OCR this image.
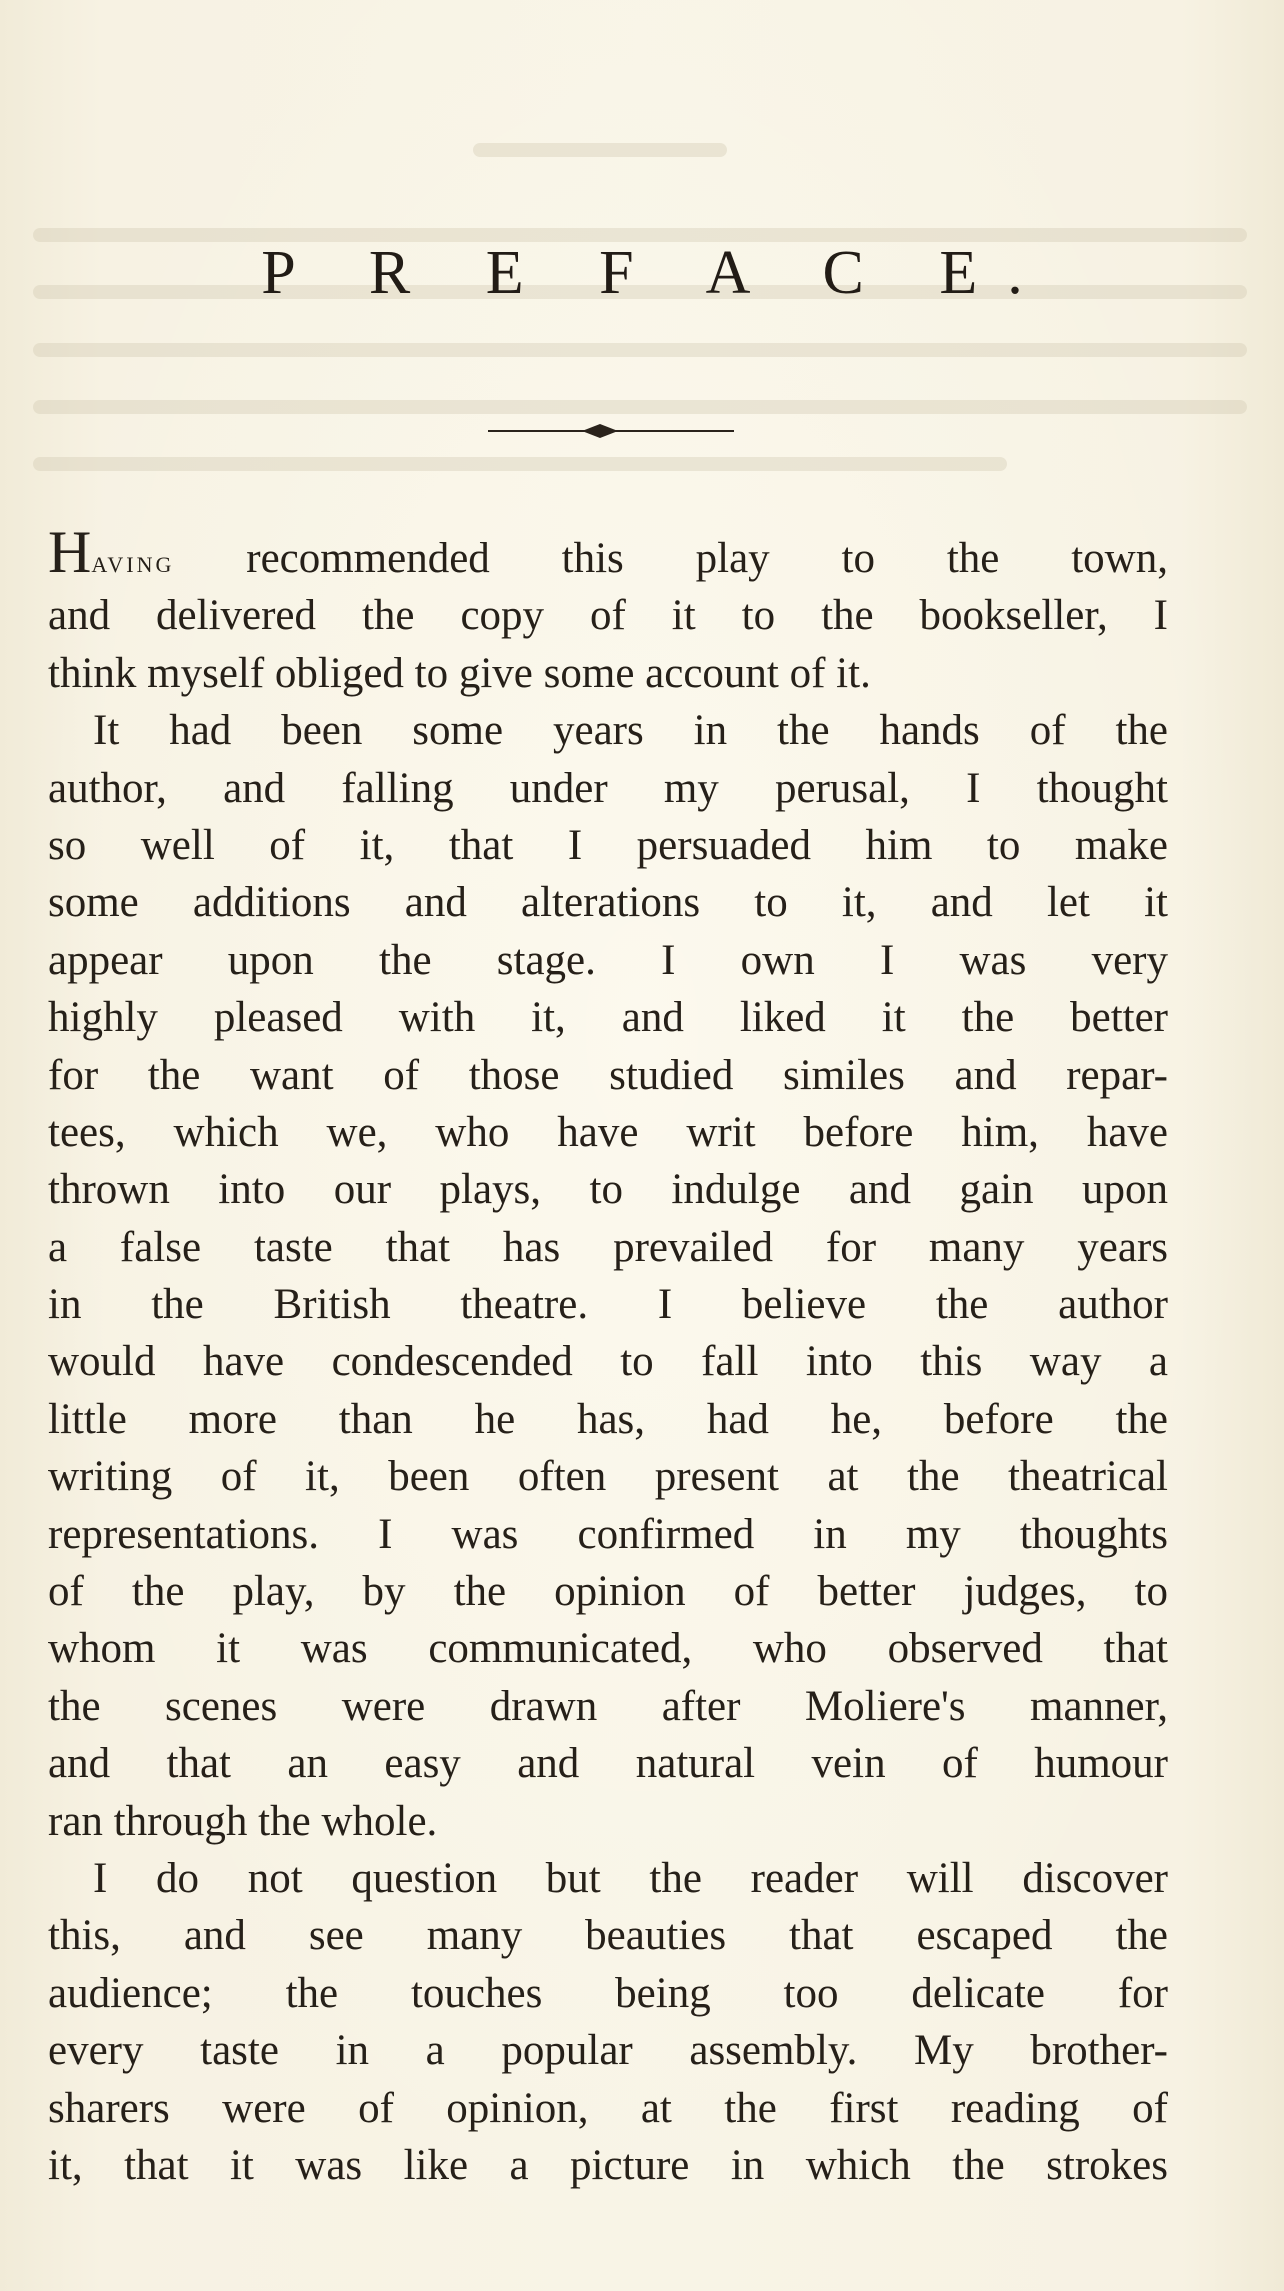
P R E F A C E.
Having recommended this play to the town,
and delivered the copy of it to the bookseller, I
think myself obliged to give some account of it.
It had been some years in the hands of the
author, and falling under my perusal, I thought
so well of it, that I persuaded him to make
some additions and alterations to it, and let it
appear upon the stage. I own I was very
highly pleased with it, and liked it the better
for the want of those studied similes and repar-
tees, which we, who have writ before him, have
thrown into our plays, to indulge and gain upon
a false taste that has prevailed for many years
in the British theatre. I believe the author
would have condescended to fall into this way a
little more than he has, had he, before the
writing of it, been often present at the theatrical
representations. I was confirmed in my thoughts
of the play, by the opinion of better judges, to
whom it was communicated, who observed that
the scenes were drawn after Moliere's manner,
and that an easy and natural vein of humour
ran through the whole.
I do not question but the reader will discover
this, and see many beauties that escaped the
audience; the touches being too delicate for
every taste in a popular assembly. My brother-
sharers were of opinion, at the first reading of
it, that it was like a picture in which the strokes
